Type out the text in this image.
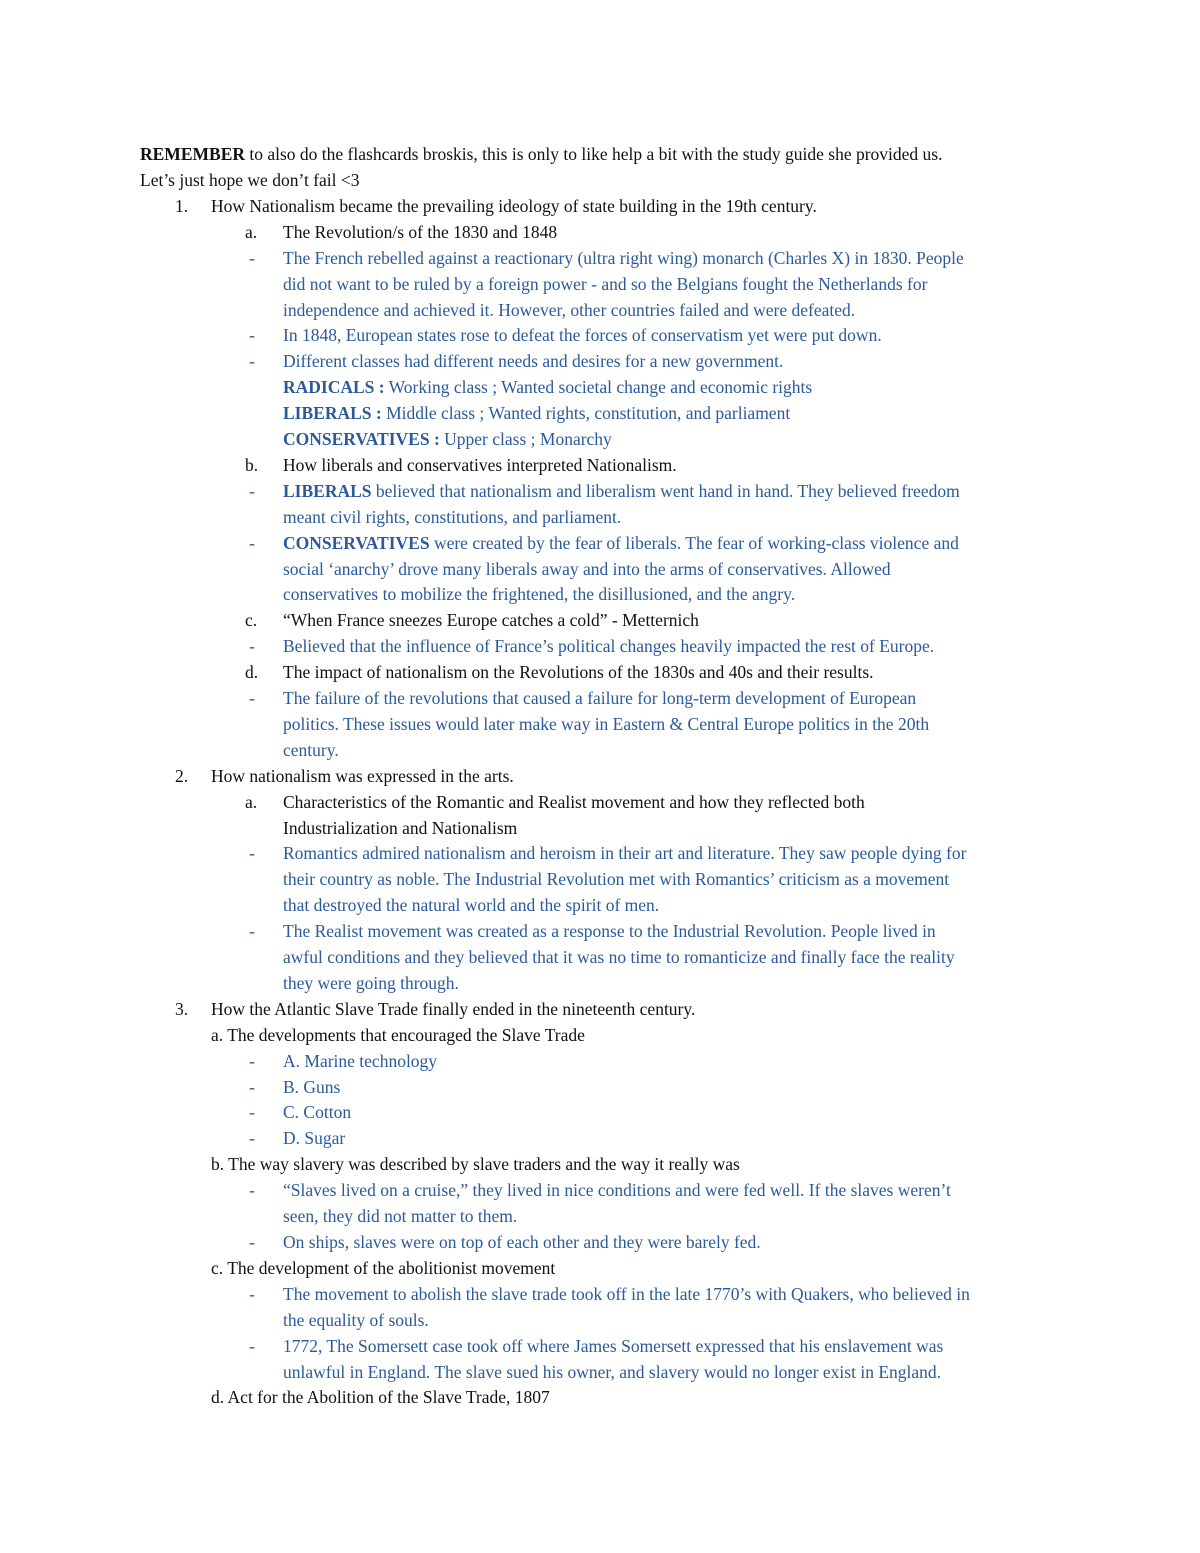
REMEMBER to also do the flashcards broskis, this is only to like help a bit with the study guide she provided us.
Let’s just hope we don’t fail <3
1. How Nationalism became the prevailing ideology of state building in the 19th century.
a. The Revolution/s of the 1830 and 1848
- The French rebelled against a reactionary (ultra right wing) monarch (Charles X) in 1830. People
did not want to be ruled by a foreign power - and so the Belgians fought the Netherlands for
independence and achieved it. However, other countries failed and were defeated.
- In 1848, European states rose to defeat the forces of conservatism yet were put down.
- Different classes had different needs and desires for a new government.
RADICALS : Working class ; Wanted societal change and economic rights
LIBERALS : Middle class ; Wanted rights, constitution, and parliament
CONSERVATIVES : Upper class ; Monarchy
b. How liberals and conservatives interpreted Nationalism.
- LIBERALS believed that nationalism and liberalism went hand in hand. They believed freedom
meant civil rights, constitutions, and parliament.
- CONSERVATIVES were created by the fear of liberals. The fear of working-class violence and
social ‘anarchy’ drove many liberals away and into the arms of conservatives. Allowed
conservatives to mobilize the frightened, the disillusioned, and the angry.
c. “When France sneezes Europe catches a cold” - Metternich
- Believed that the influence of France’s political changes heavily impacted the rest of Europe.
d. The impact of nationalism on the Revolutions of the 1830s and 40s and their results.
- The failure of the revolutions that caused a failure for long-term development of European
politics. These issues would later make way in Eastern & Central Europe politics in the 20th
century.
2. How nationalism was expressed in the arts.
a. Characteristics of the Romantic and Realist movement and how they reflected both
Industrialization and Nationalism
- Romantics admired nationalism and heroism in their art and literature. They saw people dying for
their country as noble. The Industrial Revolution met with Romantics’ criticism as a movement
that destroyed the natural world and the spirit of men.
- The Realist movement was created as a response to the Industrial Revolution. People lived in
awful conditions and they believed that it was no time to romanticize and finally face the reality
they were going through.
3. How the Atlantic Slave Trade finally ended in the nineteenth century.
a. The developments that encouraged the Slave Trade
- A. Marine technology
- B. Guns
- C. Cotton
- D. Sugar
b. The way slavery was described by slave traders and the way it really was
- “Slaves lived on a cruise,” they lived in nice conditions and were fed well. If the slaves weren’t
seen, they did not matter to them.
- On ships, slaves were on top of each other and they were barely fed.
c. The development of the abolitionist movement
- The movement to abolish the slave trade took off in the late 1770’s with Quakers, who believed in
the equality of souls.
- 1772, The Somersett case took off where James Somersett expressed that his enslavement was
unlawful in England. The slave sued his owner, and slavery would no longer exist in England.
d. Act for the Abolition of the Slave Trade, 1807
